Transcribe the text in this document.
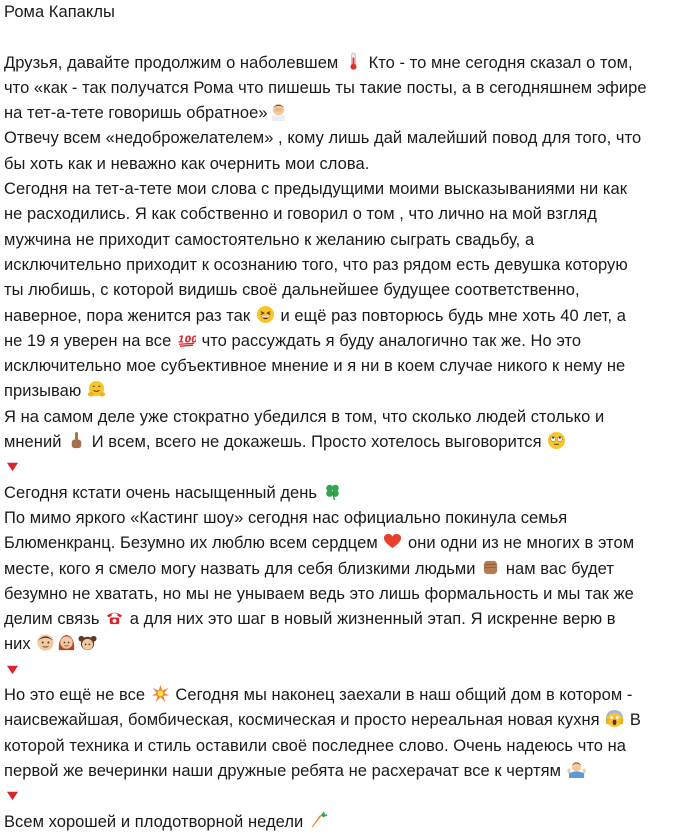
Рома Капаклы
Друзья, давайте продолжим о наболевшем Кто - то мне сегодня сказал о том,
что «как - так получатся Рома что пишешь ты такие посты, а в сегодняшнем эфире
на тет-а-тете говоришь обратное»
Отвечу всем «недоброжелателем» , кому лишь дай малейший повод для того, что
бы хоть как и неважно как очернить мои слова.
Сегодня на тет-а-тете мои слова с предыдущими моими высказываниями ни как
не расходились. Я как собственно и говорил о том , что лично на мой взгляд
мужчина не приходит самостоятельно к желанию сыграть свадьбу, а
исключительно приходит к осознанию того, что раз рядом есть девушка которую
ты любишь, с которой видишь своё дальнейшее будущее соответственно,
наверное, пора женится раз так и ещё раз повторюсь будь мне хоть 40 лет, а
не 19 я уверен на все что рассуждать я буду аналогично так же. Но это
исключительно мое субъективное мнение и я ни в коем случае никого к нему не
призываю
Я на самом деле уже стократно убедился в том, что сколько людей столько и
мнений И всем, всего не докажешь. Просто хотелось выговорится
Сегодня кстати очень насыщенный день
По мимо яркого «Кастинг шоу» сегодня нас официально покинула семья
Блюменкранц. Безумно их люблю всем сердцем они одни из не многих в этом
месте, кого я смело могу назвать для себя близкими людьми нам вас будет
безумно не хватать, но мы не унываем ведь это лишь формальность и мы так же
делим связь а для них это шаг в новый жизненный этап. Я искренне верю в
них
Но это ещё не все Сегодня мы наконец заехали в наш общий дом в котором -
наисвежайшая, бомбическая, космическая и просто нереальная новая кухня В
которой техника и стиль оставили своё последнее слово. Очень надеюсь что на
первой же вечеринки наши дружные ребята не расхерачат все к чертям
Всем хорошей и плодотворной недели
